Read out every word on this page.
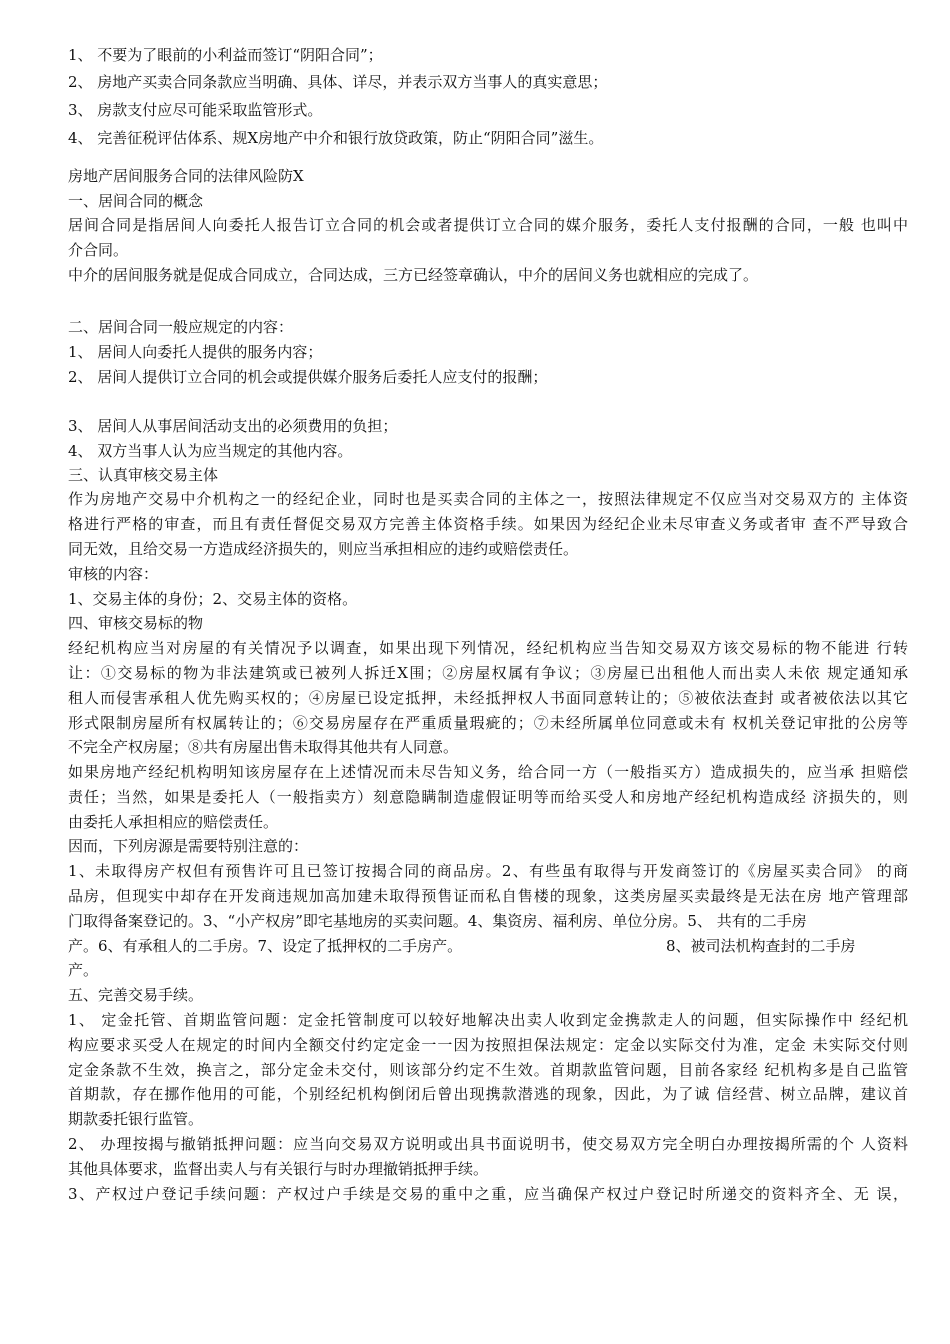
1、 不要为了眼前的小利益而签订“阴阳合同”；
2、 房地产买卖合同条款应当明确、具体、详尽，并表示双方当事人的真实意思；
3、 房款支付应尽可能采取监管形式。
4、 完善征税评估体系、规Ⅹ房地产中介和银行放贷政策，防止“阴阳合同”滋生。
房地产居间服务合同的法律风险防Ⅹ
一、居间合同的概念
居间合同是指居间人向委托人报告订立合同的机会或者提供订立合同的媒介服务，委托人支付报酬的合同，一般 也叫中
介合同。
中介的居间服务就是促成合同成立，合同达成，三方已经签章确认，中介的居间义务也就相应的完成了。
二、居间合同一般应规定的内容：
1、 居间人向委托人提供的服务内容；
2、 居间人提供订立合同的机会或提供媒介服务后委托人应支付的报酬；
3、 居间人从事居间活动支出的必须费用的负担；
4、 双方当事人认为应当规定的其他内容。
三、认真审核交易主体
作为房地产交易中介机构之一的经纪企业，同时也是买卖合同的主体之一，按照法律规定不仅应当对交易双方的 主体资
格进行严格的审查，而且有责任督促交易双方完善主体资格手续。如果因为经纪企业未尽审查义务或者审 查不严导致合
同无效，且给交易一方造成经济损失的，则应当承担相应的违约或赔偿责任。
审核的内容：
1、交易主体的身份；2、交易主体的资格。
四、审核交易标的物
经纪机构应当对房屋的有关情况予以调查，如果出现下列情况，经纪机构应当告知交易双方该交易标的物不能进 行转
让：①交易标的物为非法建筑或已被列人拆迁Ⅹ围；②房屋权属有争议；③房屋已出租他人而出卖人未依 规定通知承
租人而侵害承租人优先购买权的；④房屋已设定抵押，未经抵押权人书面同意转让的；⑤被依法查封 或者被依法以其它
形式限制房屋所有权属转让的；⑥交易房屋存在严重质量瑕疵的；⑦未经所属单位同意或未有 权机关登记审批的公房等
不完全产权房屋；⑧共有房屋出售未取得其他共有人同意。
如果房地产经纪机构明知该房屋存在上述情况而未尽告知义务，给合同一方（一般指买方）造成损失的，应当承 担赔偿
责任；当然，如果是委托人（一般指卖方）刻意隐瞒制造虚假证明等而给买受人和房地产经纪机构造成经 济损失的，则
由委托人承担相应的赔偿责任。
因而，下列房源是需要特别注意的：
1、未取得房产权但有预售许可且已签订按揭合同的商品房。2、有些虽有取得与开发商签订的《房屋买卖合同》 的商
品房，但现实中却存在开发商违规加高加建未取得预售证而私自售楼的现象，这类房屋买卖最终是无法在房 地产管理部
门取得备案登记的。3、“小产权房”即宅基地房的买卖问题。4、集资房、福利房、单位分房。5、 共有的二手房
产。6、有承租人的二手房。7、设定了抵押权的二手房产。	8、被司法机构查封的二手房
产。
五、完善交易手续。
1、 定金托管、首期监管问题：定金托管制度可以较好地解决出卖人收到定金携款走人的问题，但实际操作中 经纪机
构应要求买受人在规定的时间内全额交付约定定金一一因为按照担保法规定：定金以实际交付为准，定金 未实际交付则
定金条款不生效，换言之，部分定金未交付，则该部分约定不生效。首期款监管问题，目前各家经 纪机构多是自己监管
首期款，存在挪作他用的可能，个别经纪机构倒闭后曾出现携款潜逃的现象，因此，为了诚 信经营、树立品牌，建议首
期款委托银行监管。
2、 办理按揭与撤销抵押问题：应当向交易双方说明或出具书面说明书，使交易双方完全明白办理按揭所需的个 人资料
其他具体要求，监督出卖人与有关银行与时办理撤销抵押手续。
3、产权过户登记手续问题：产权过户手续是交易的重中之重，应当确保产权过户登记时所递交的资料齐全、无 误，
